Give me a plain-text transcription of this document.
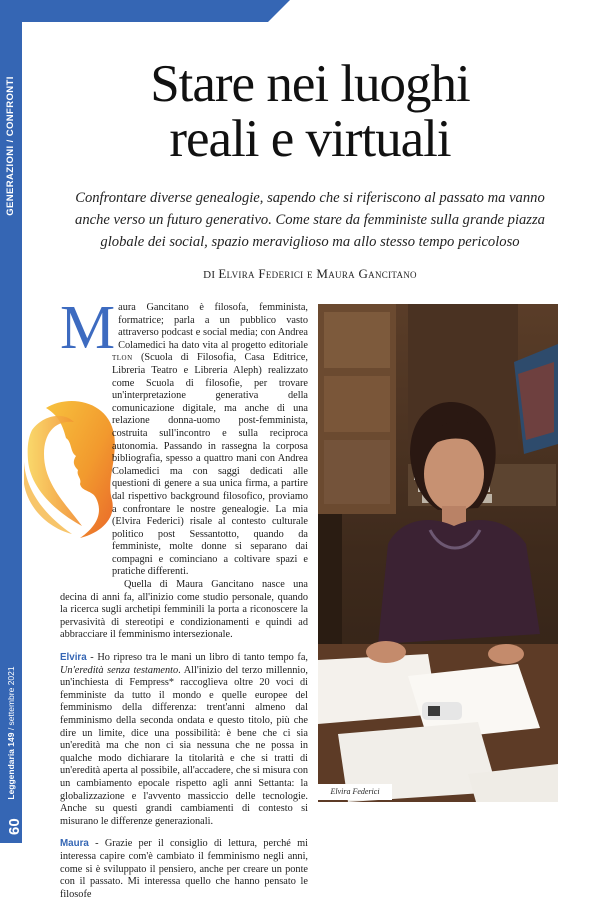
GENERAZIONI / CONFRONTI
Leggendaria 149 / settembre 2021
60
Stare nei luoghi
reali e virtuali

Confrontare diverse genealogie, sapendo che si riferiscono al passato ma vanno anche verso un futuro generativo. Come stare da femministe sulla grande piazza globale dei social, spazio meraviglioso ma allo stesso tempo pericoloso

DI Elvira Federici e Maura Gancitano
M aura Gancitano è filosofa, femminista, formatrice; parla a un pubblico vasto attraverso podcast e social media; con Andrea Colamedici ha dato vita al progetto editoriale tlon (Scuola di Filosofia, Casa Editrice, Libreria Teatro e Libreria Aleph) realizzato come Scuola di filosofie, per trovare un'interpretazione generativa della comunicazione digitale, ma anche di una relazione donna-uomo post-femminista, costruita sull'incontro e sulla reciproca autonomia. Passando in rassegna la corposa bibliografia, spesso a quattro mani con Andrea Colamedici ma con saggi dedicati alle questioni di genere a sua unica firma, a partire dal rispettivo background filosofico, proviamo a confrontare le nostre genealogie. La mia (Elvira Federici) risale al contesto culturale politico post Sessantotto, quando da femministe, molte donne si separano dai compagni e cominciano a coltivare spazi e pratiche differenti.

Quella di Maura Gancitano nasce una decina di anni fa, all'inizio come studio personale, quando la ricerca sugli archetipi femminili la porta a riconoscere la pervasività di stereotipi e condizionamenti e quindi ad abbracciare il femminismo intersezionale.

Elvira - Ho ripreso tra le mani un libro di tanto tempo fa, Un'eredità senza testamento. All'inizio del terzo millennio, un'inchiesta di Fempress* raccoglieva oltre 20 voci di femministe da tutto il mondo e quelle europee del femminismo della differenza: trent'anni almeno dal femminismo della seconda ondata e questo titolo, più che dire un limite, dice una possibilità: è bene che ci sia un'eredità ma che non ci sia nessuna che ne possa in qualche modo dichiarare la titolarità e che si tratti di un'eredità aperta al possibile, all'accadere, che si misura con un cambiamento epocale rispetto agli anni Settanta: la globalizzazione e l'avvento massiccio delle tecnologie. Anche su questi grandi cambiamenti di contesto si misurano le differenze generazionali.

Maura - Grazie per il consiglio di lettura, perché mi interessa capire com'è cambiato il femminismo negli anni, come si è sviluppato il pensiero, anche per creare un ponte con il passato. Mi interessa quello che hanno pensato le filosofe

Elvira Federici
